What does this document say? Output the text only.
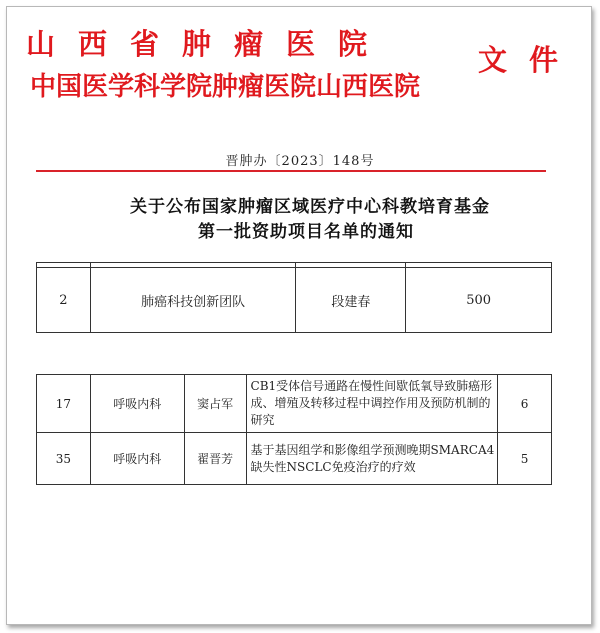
山西省肿瘤医院
中国医学科学院肿瘤医院山西医院
文件
晋肿办〔2023〕148号
关于公布国家肿瘤区域医疗中心科教培育基金
第一批资助项目名单的通知

2	肺癌科技创新团队	段建春	500
17	呼吸内科	窦占军	CB1受体信号通路在慢性间歇低氧导致肺癌形成、增殖及转移过程中调控作用及预防机制的研究	6
35	呼吸内科	翟晋芳	基于基因组学和影像组学预测晚期SMARCA4缺失性NSCLC免疫治疗的疗效	5
